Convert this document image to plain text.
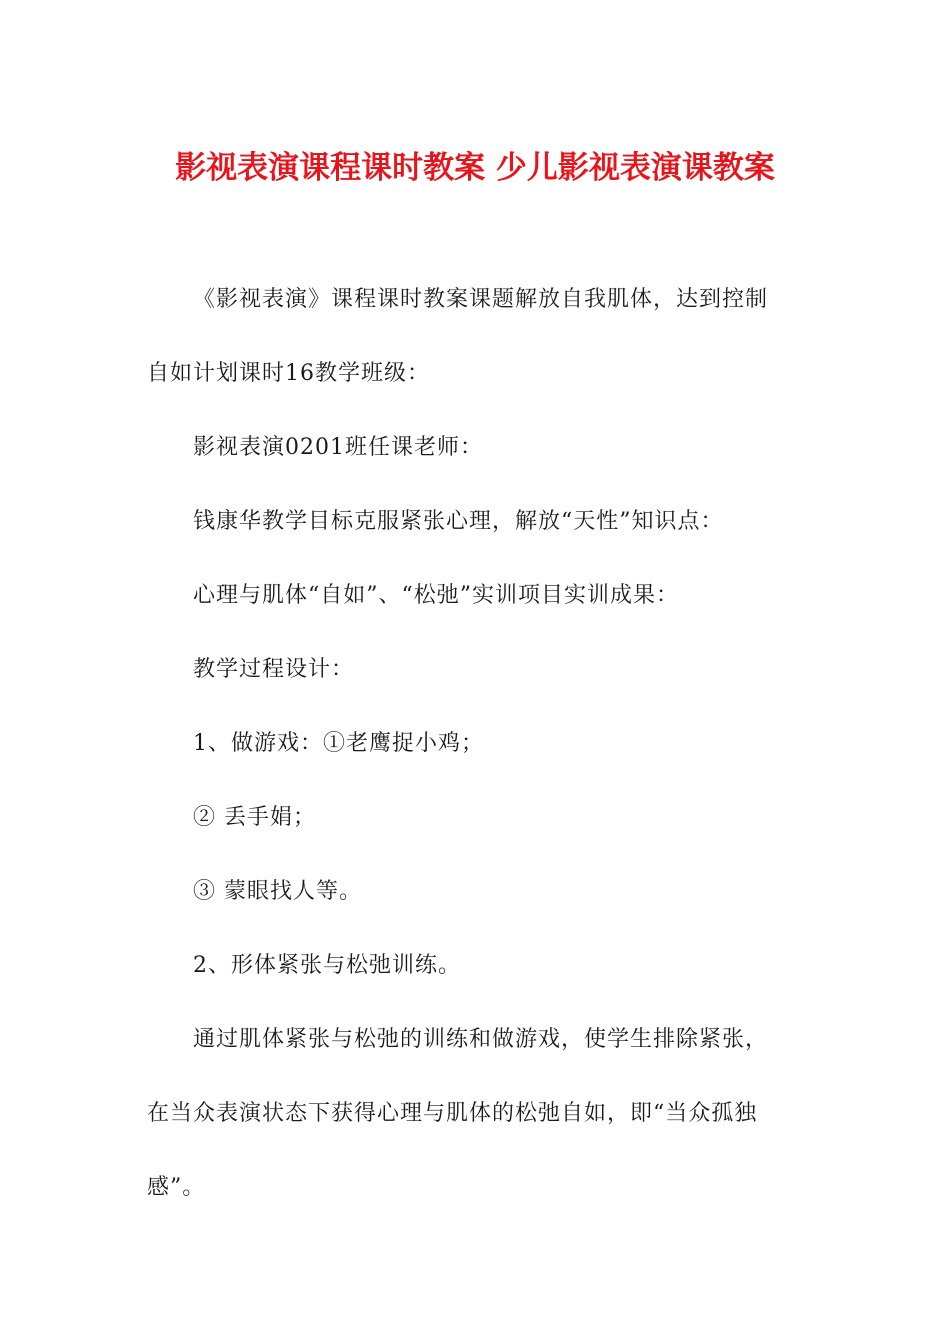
影视表演课程课时教案 少儿影视表演课教案
《影视表演》课程课时教案课题解放自我肌体，达到控制
自如计划课时16教学班级：
影视表演0201班任课老师：
钱康华教学目标克服紧张心理，解放“天性”知识点：
心理与肌体“自如”、“松弛”实训项目实训成果：
教学过程设计：
1、做游戏：①老鹰捉小鸡；
② 丢手娟；
③ 蒙眼找人等。
2、形体紧张与松弛训练。
通过肌体紧张与松弛的训练和做游戏，使学生排除紧张，
在当众表演状态下获得心理与肌体的松弛自如，即“当众孤独
感”。
